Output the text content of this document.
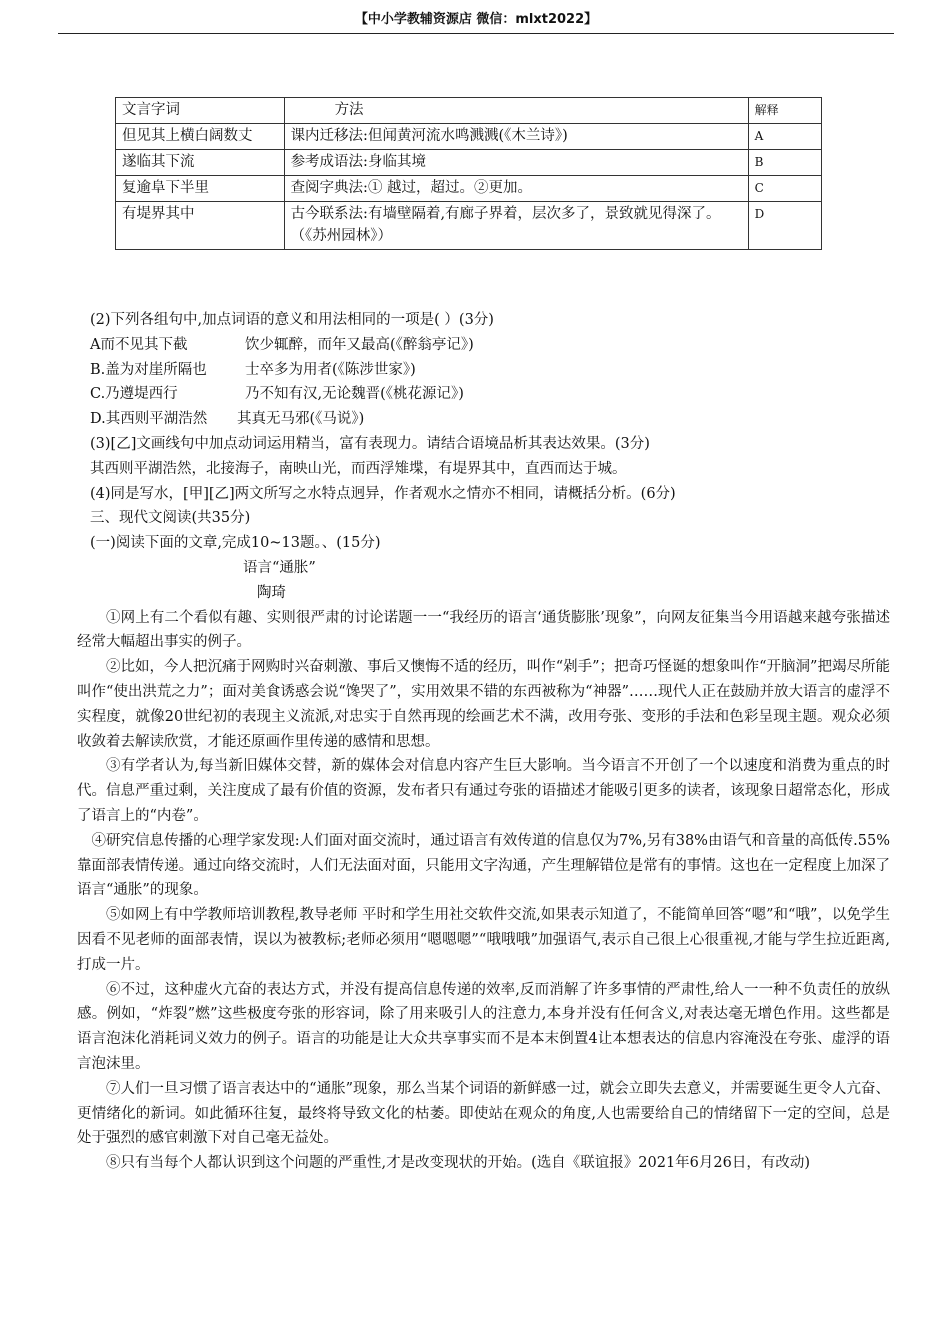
【中小学教辅资源店 微信：mlxt2022】
文言字词	方法	解释
但见其上横白阔数丈	课内迁移法:但闻黄河流水鸣溅溅(《木兰诗》)	A
遂临其下流	参考成语法:身临其境	B
复逾阜下半里	查阅字典法:① 越过，超过。②更加。	C
有堤界其中	古今联系法:有墙壁隔着,有廊子界着，层次多了，景致就见得深了。（《苏州园林》）	D
(2)下列各组句中,加点词语的意义和用法相同的一项是( ）(3分)
A而不见其下截	饮少辄醉，而年又最高(《醉翁亭记》)
B.盖为对崖所隔也	士卒多为用者(《陈涉世家》)
C.乃遵堤西行	乃不知有汉,无论魏晋(《桃花源记》)
D.其西则平湖浩然 其真无马邪(《马说》)
(3)[乙]文画线句中加点动词运用精当，富有表现力。请结合语境品析其表达效果。(3分)
其西则平湖浩然，北接海子，南映山光，而西浮雉堞，有堤界其中，直西而达于城。
(4)同是写水，[甲][乙]两文所写之水特点迥异，作者观水之情亦不相同，请概括分析。(6分)
三、现代文阅读(共35分)
(一)阅读下面的文章,完成10~13题。、(15分)
语言“通胀”
陶琦

①网上有二个看似有趣、实则很严肃的讨论诺题一一“我经历的语言‘通货膨胀’现象”，向网友征集当今用语越来越夸张描述经常大幅超出事实的例子。

②比如，今人把沉痛于网购时兴奋刺激、事后又懊悔不适的经历，叫作“剁手”；把奇巧怪诞的想象叫作“开脑洞”把竭尽所能叫作“使出洪荒之力”；面对美食诱惑会说“馋哭了”，实用效果不错的东西被称为“神器”……现代人正在鼓励并放大语言的虚浮不实程度，就像20世纪初的表现主义流派,对忠实于自然再现的绘画艺术不满，改用夸张、变形的手法和色彩呈现主题。观众必须收敛着去解读欣赏，才能还原画作里传递的感情和思想。

③有学者认为,每当新旧媒体交替，新的媒体会对信息内容产生巨大影响。当今语言不开创了一个以速度和消费为重点的时代。信息严重过剩，关注度成了最有价值的资源，发布者只有通过夸张的语描述才能吸引更多的读者，该现象日超常态化，形成了语言上的“内卷”。

④研究信息传播的心理学家发现:人们面对面交流时，通过语言有效传道的信息仅为7%,另有38%由语气和音量的高低传.55%靠面部表情传递。通过向络交流时，人们无法面对面，只能用文字沟通，产生理解错位是常有的事情。这也在一定程度上加深了语言“通胀”的现象。

⑤如网上有中学教师培训教程,教导老师 平时和学生用社交软件交流,如果表示知道了，不能简单回答“嗯”和“哦”，以免学生因看不见老师的面部表情，误以为被教标;老师必须用“嗯嗯嗯”“哦哦哦”加强语气,表示自己很上心很重视,才能与学生拉近距离,打成一片。

⑥不过，这种虚火亢奋的表达方式，并没有提高信息传递的效率,反而消解了许多事情的严肃性,给人一一种不负责任的放纵感。例如，“炸裂”燃”这些极度夸张的形容词，除了用来吸引人的注意力,本身并没有任何含义,对表达毫无增色作用。这些都是语言泡沫化消耗词义效力的例子。语言的功能是让大众共享事实而不是本末倒置4让本想表达的信息内容淹没在夸张、虚浮的语言泡沫里。

⑦人们一旦习惯了语言表达中的“通胀”现象，那么当某个词语的新鲜感一过，就会立即失去意义，并需要诞生更令人亢奋、更情绪化的新词。如此循环往复，最终将导致文化的枯萎。即使站在观众的角度,人也需要给自己的情绪留下一定的空间，总是处于强烈的感官刺激下对自己毫无益处。

⑧只有当每个人都认识到这个问题的严重性,才是改变现状的开始。(选自《联谊报》2021年6月26日，有改动)
